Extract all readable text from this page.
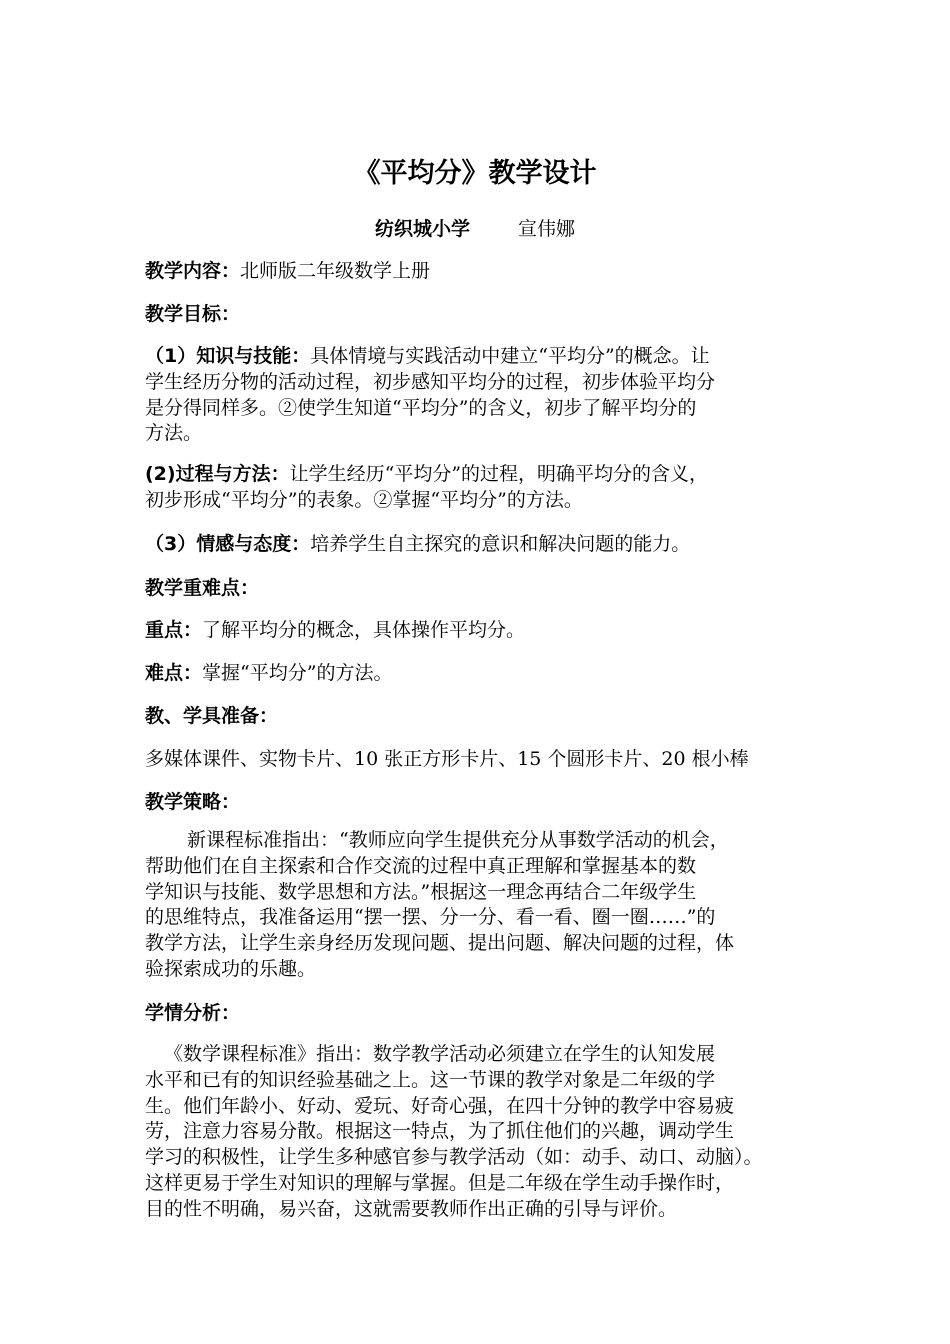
《平均分》教学设计
纺织城小学	宣伟娜
教学内容：北师版二年级数学上册
教学目标：
（1）知识与技能：具体情境与实践活动中建立“平均分”的概念。让
学生经历分物的活动过程，初步感知平均分的过程，初步体验平均分
是分得同样多。②使学生知道“平均分”的含义，初步了解平均分的
方法。
(2)过程与方法：让学生经历“平均分”的过程，明确平均分的含义，
初步形成“平均分”的表象。②掌握“平均分”的方法。
（3）情感与态度：培养学生自主探究的意识和解决问题的能力。
教学重难点：
重点：了解平均分的概念，具体操作平均分。
难点：掌握“平均分”的方法。
教、学具准备：
多媒体课件、实物卡片、10 张正方形卡片、15 个圆形卡片、20 根小棒
教学策略：
新课程标准指出：“教师应向学生提供充分从事数学活动的机会，
帮助他们在自主探索和合作交流的过程中真正理解和掌握基本的数
学知识与技能、数学思想和方法。”根据这一理念再结合二年级学生
的思维特点，我准备运用“摆一摆、分一分、看一看、圈一圈……”的
教学方法，让学生亲身经历发现问题、提出问题、解决问题的过程，体
验探索成功的乐趣。
学情分析：
《数学课程标准》指出：数学教学活动必须建立在学生的认知发展
水平和已有的知识经验基础之上。这一节课的教学对象是二年级的学
生。他们年龄小、好动、爱玩、好奇心强，在四十分钟的教学中容易疲
劳，注意力容易分散。根据这一特点，为了抓住他们的兴趣，调动学生
学习的积极性，让学生多种感官参与教学活动（如：动手、动口、动脑）。
这样更易于学生对知识的理解与掌握。但是二年级在学生动手操作时，
目的性不明确，易兴奋，这就需要教师作出正确的引导与评价。
